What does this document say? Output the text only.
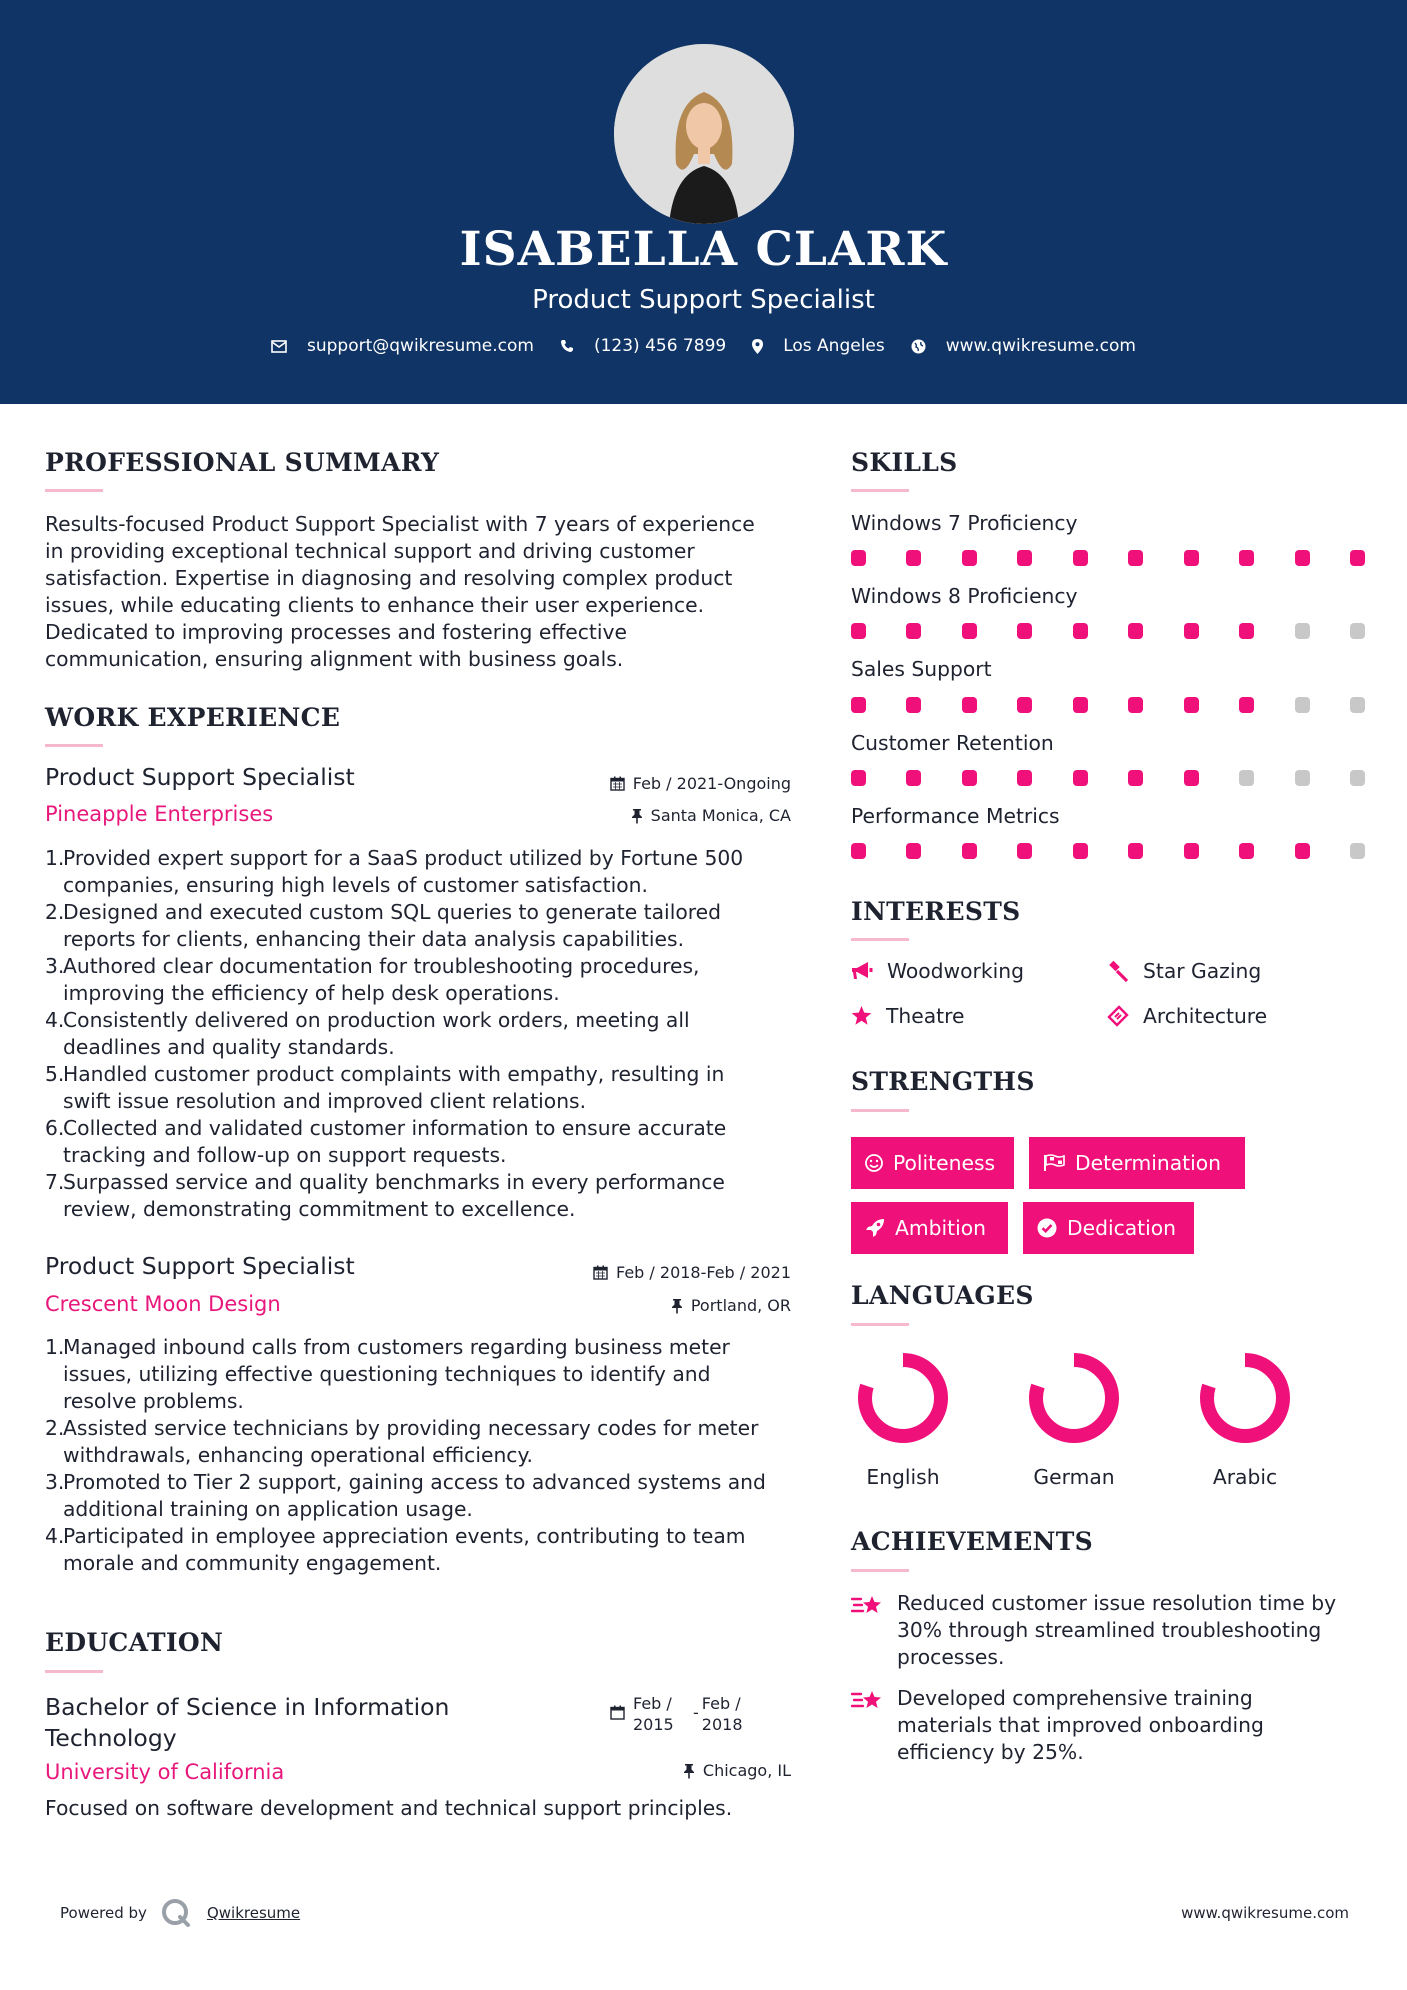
ISABELLA CLARK
Product Support Specialist
support@qwikresume.com	(123) 456 7899	Los Angeles	www.qwikresume.com
PROFESSIONAL SUMMARY
Results-focused Product Support Specialist with 7 years of experience
in providing exceptional technical support and driving customer
satisfaction. Expertise in diagnosing and resolving complex product
issues, while educating clients to enhance their user experience.
Dedicated to improving processes and fostering effective
communication, ensuring alignment with business goals.
WORK EXPERIENCE
Product Support Specialist
Pineapple Enterprises
Feb / 2021-Ongoing
Santa Monica, CA
1.
Provided expert support for a SaaS product utilized by Fortune 500
companies, ensuring high levels of customer satisfaction.
2.
Designed and executed custom SQL queries to generate tailored
reports for clients, enhancing their data analysis capabilities.
3.
Authored clear documentation for troubleshooting procedures,
improving the efficiency of help desk operations.
4.
Consistently delivered on production work orders, meeting all
deadlines and quality standards.
5.
Handled customer product complaints with empathy, resulting in
swift issue resolution and improved client relations.
6.
Collected and validated customer information to ensure accurate
tracking and follow-up on support requests.
7.
Surpassed service and quality benchmarks in every performance
review, demonstrating commitment to excellence.
Product Support Specialist
Crescent Moon Design
Feb / 2018-Feb / 2021
Portland, OR
1.
Managed inbound calls from customers regarding business meter
issues, utilizing effective questioning techniques to identify and
resolve problems.
2.
Assisted service technicians by providing necessary codes for meter
withdrawals, enhancing operational efficiency.
3.
Promoted to Tier 2 support, gaining access to advanced systems and
additional training on application usage.
4.
Participated in employee appreciation events, contributing to team
morale and community engagement.
EDUCATION
Bachelor of Science in Information
Technology
Feb /
2015
- Feb /
2018
University of California	Chicago, IL
Focused on software development and technical support principles.
SKILLS
Windows 7 Proficiency
Windows 8 Proficiency
Sales Support
Customer Retention
Performance Metrics
INTERESTS
Woodworking	Star Gazing
Theatre	Architecture
STRENGTHS
Politeness	Determination
Ambition	Dedication
LANGUAGES
English	German	Arabic
ACHIEVEMENTS
Reduced customer issue resolution time by
30% through streamlined troubleshooting
processes.
Developed comprehensive training
materials that improved onboarding
efficiency by 25%.
Powered by	Qwikresume	www.qwikresume.com
